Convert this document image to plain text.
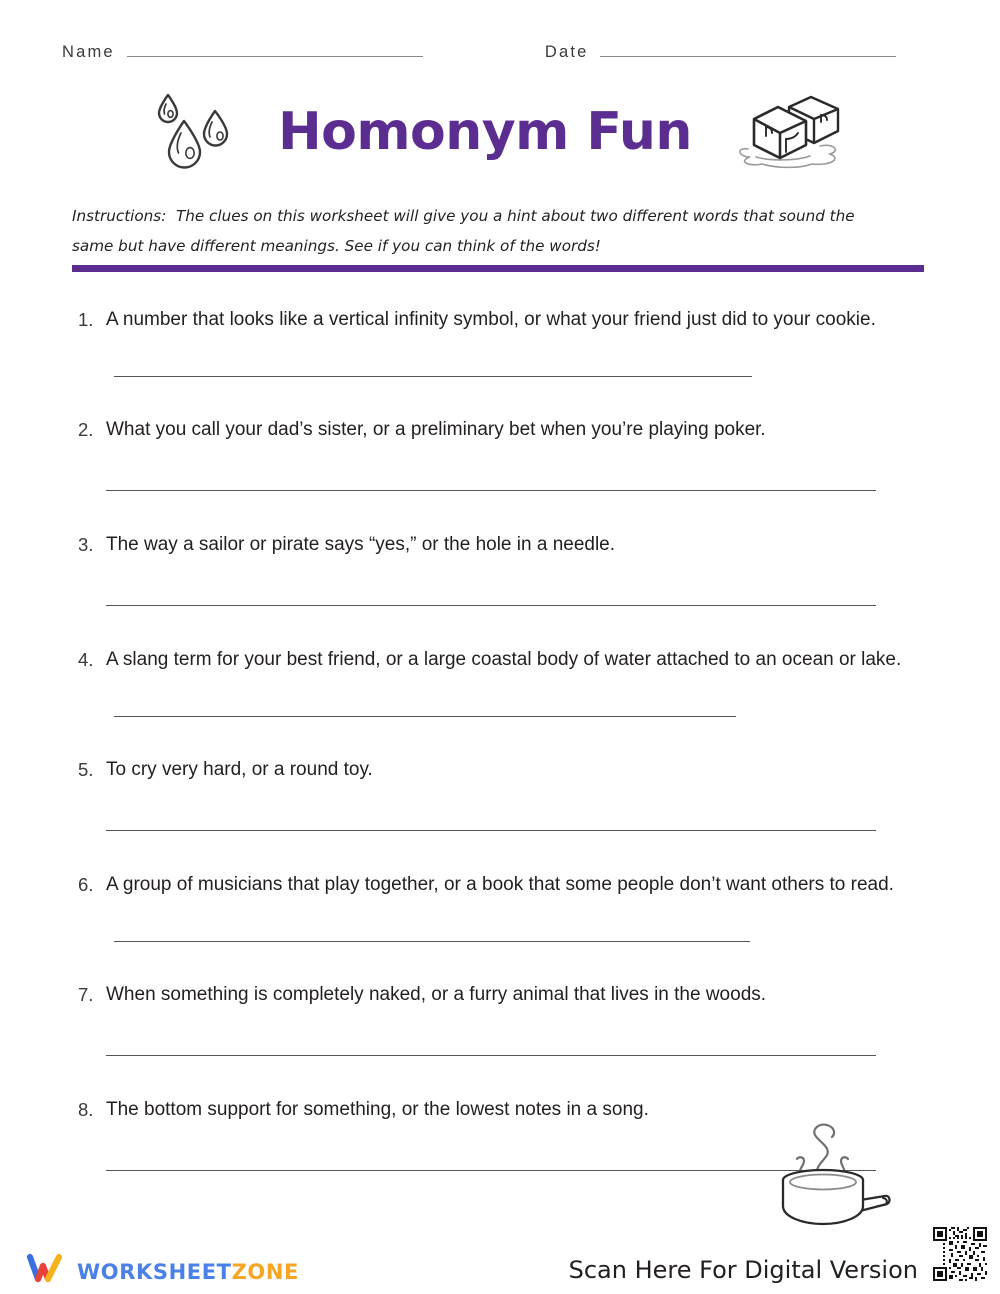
Name	Date
Homonym Fun

Instructions:  The clues on this worksheet will give you a hint about two different words that sound the same but have different meanings. See if you can think of the words!

1. A number that looks like a vertical infinity symbol, or what your friend just did to your cookie.
2. What you call your dad’s sister, or a preliminary bet when you’re playing poker.
3. The way a sailor or pirate says “yes,” or the hole in a needle.
4. A slang term for your best friend, or a large coastal body of water attached to an ocean or lake.
5. To cry very hard, or a round toy.
6. A group of musicians that play together, or a book that some people don’t want others to read.
7. When something is completely naked, or a furry animal that lives in the woods.
8. The bottom support for something, or the lowest notes in a song.
WORKSHEETZONE	Scan Here For Digital Version
